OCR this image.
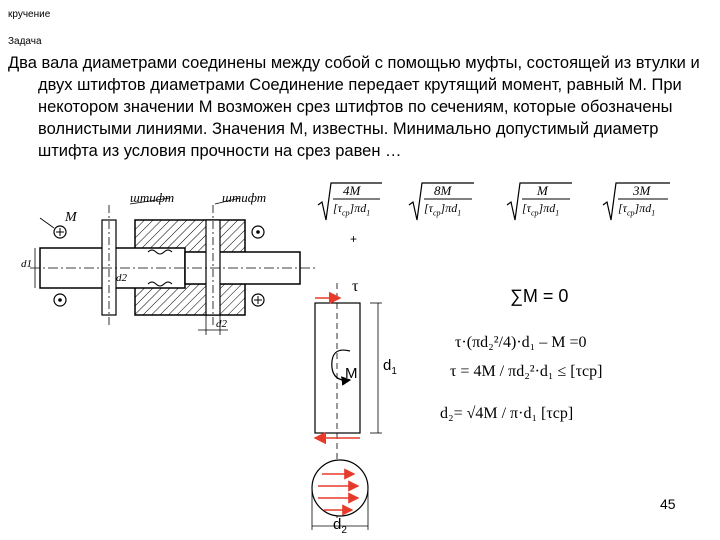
кручение
Задача

Два вала диаметрами соединены между собой с помощью муфты, состоящей из втулки и двух штифтов диаметрами Соединение передает крутящий момент, равный М. При некотором значении М возможен срез штифтов по сечениям, которые обозначены волнистыми линиями. Значения М, известны. Минимально допустимый диаметр штифта из условия прочности на срез равен …

4M
$[\tau_{ср}]\pi d_1$
8M
$[\tau_{ср}]\pi d_1$
M
$[\tau_{ср}]\pi d_1$
3M
$[\tau_{ср}]\pi d_1$
+
M
штифт	штифт
d1
d2
d2
τ
M $d_1$
$d_2$
∑M = 0
τ·(πd₂²/4)·d₁ – M =0
τ = 4M / πd₂²·d₁ ≤ [τср]
d₂= √4M / π·d₁ [τср]
45
